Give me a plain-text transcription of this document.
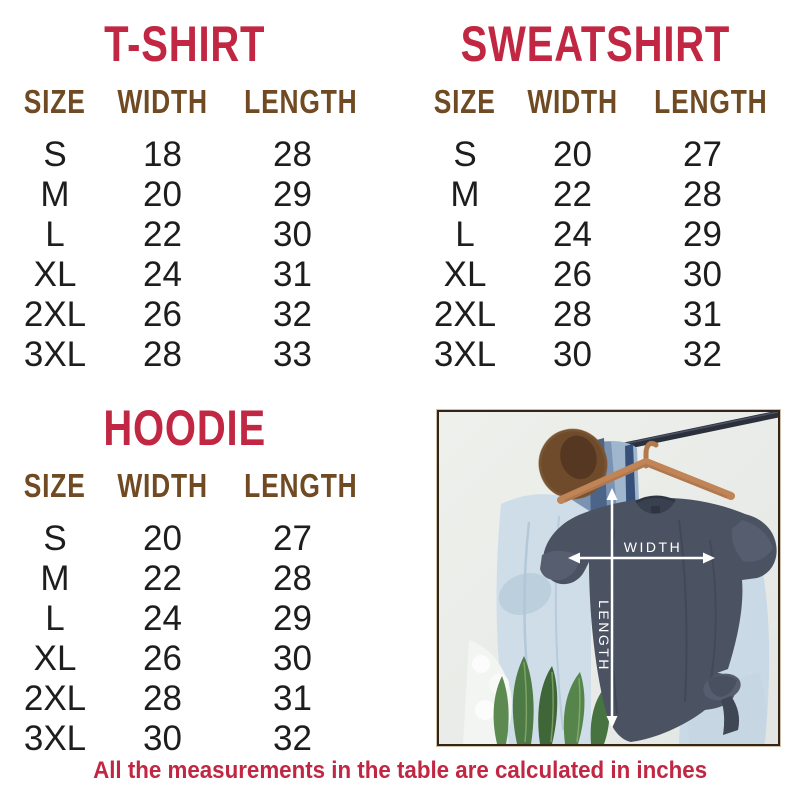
T-SHIRT
SIZE WIDTH	LENGTH
S	18	28
M	20	29
L	22	30
XL	24	31
2XL	26	32
3XL	28	33
SWEATSHIRT
SIZE WIDTH	LENGTH
S	20	27
M	22	28
L	24	29
XL	26	30
2XL	28	31
3XL	30	32
HOODIE
SIZE WIDTH	LENGTH
S	20	27
M	22	28
L	24	29
XL	26	30
2XL	28	31
3XL	30	32
WIDTH
LENGTH
All the measurements in the table are calculated in inches
